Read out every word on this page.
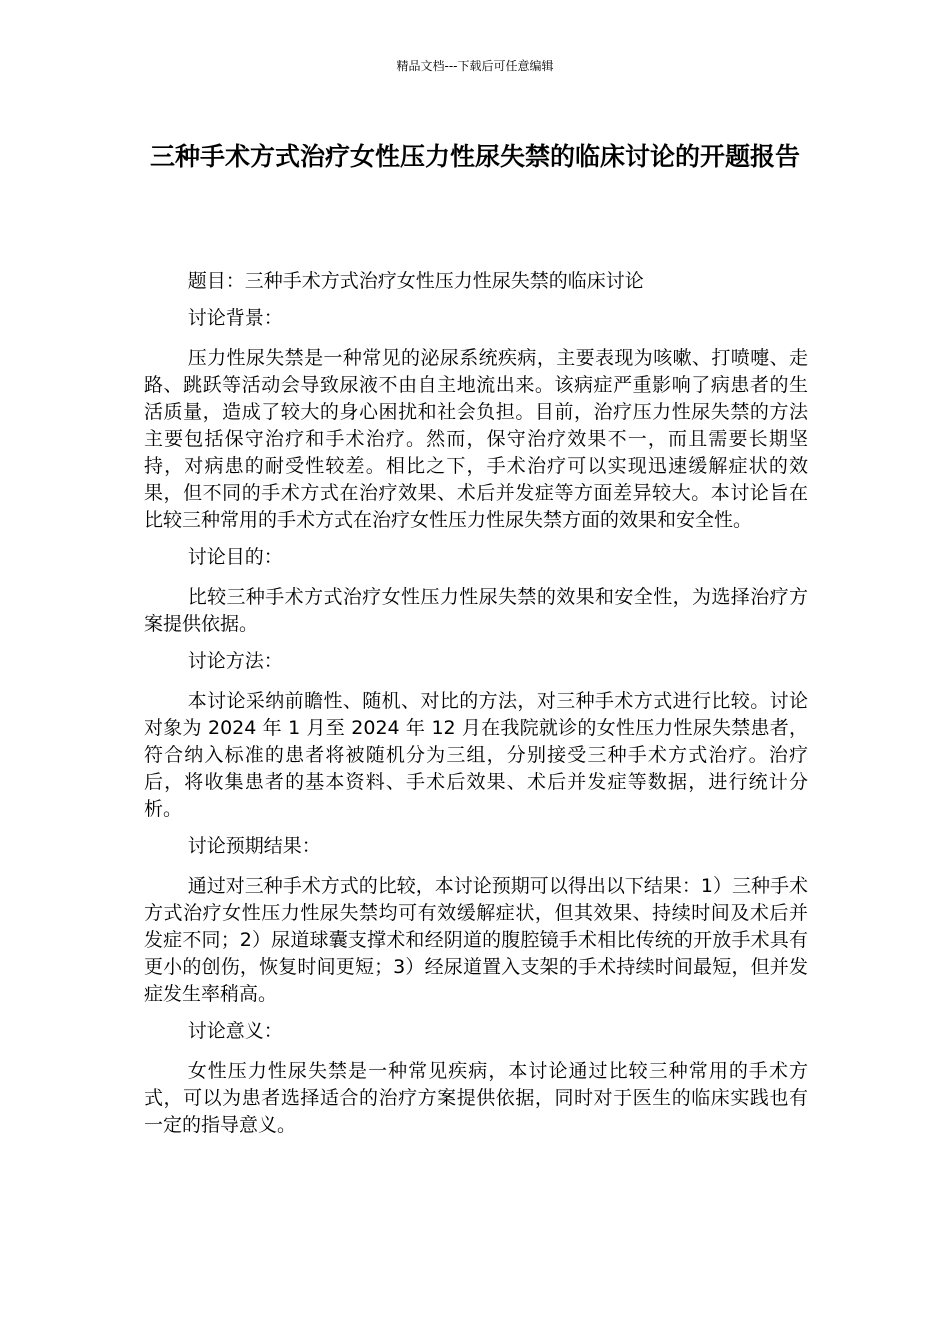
精品文档---下载后可任意编辑
三种手术方式治疗女性压力性尿失禁的临床讨论的开题报告

题目：三种手术方式治疗女性压力性尿失禁的临床讨论

讨论背景：

压力性尿失禁是一种常见的泌尿系统疾病，主要表现为咳嗽、打喷嚏、走路、跳跃等活动会导致尿液不由自主地流出来。该病症严重影响了病患者的生活质量，造成了较大的身心困扰和社会负担。目前，治疗压力性尿失禁的方法主要包括保守治疗和手术治疗。然而，保守治疗效果不一，而且需要长期坚持，对病患的耐受性较差。相比之下，手术治疗可以实现迅速缓解症状的效果，但不同的手术方式在治疗效果、术后并发症等方面差异较大。本讨论旨在比较三种常用的手术方式在治疗女性压力性尿失禁方面的效果和安全性。

讨论目的：

比较三种手术方式治疗女性压力性尿失禁的效果和安全性，为选择治疗方案提供依据。

讨论方法：

本讨论采纳前瞻性、随机、对比的方法，对三种手术方式进行比较。讨论对象为 2024 年 1 月至 2024 年 12 月在我院就诊的女性压力性尿失禁患者，符合纳入标准的患者将被随机分为三组，分别接受三种手术方式治疗。治疗后，将收集患者的基本资料、手术后效果、术后并发症等数据，进行统计分析。

讨论预期结果：

通过对三种手术方式的比较，本讨论预期可以得出以下结果：1）三种手术方式治疗女性压力性尿失禁均可有效缓解症状，但其效果、持续时间及术后并发症不同；2）尿道球囊支撑术和经阴道的腹腔镜手术相比传统的开放手术具有更小的创伤，恢复时间更短；3）经尿道置入支架的手术持续时间最短，但并发症发生率稍高。

讨论意义：

女性压力性尿失禁是一种常见疾病，本讨论通过比较三种常用的手术方式，可以为患者选择适合的治疗方案提供依据，同时对于医生的临床实践也有一定的指导意义。
